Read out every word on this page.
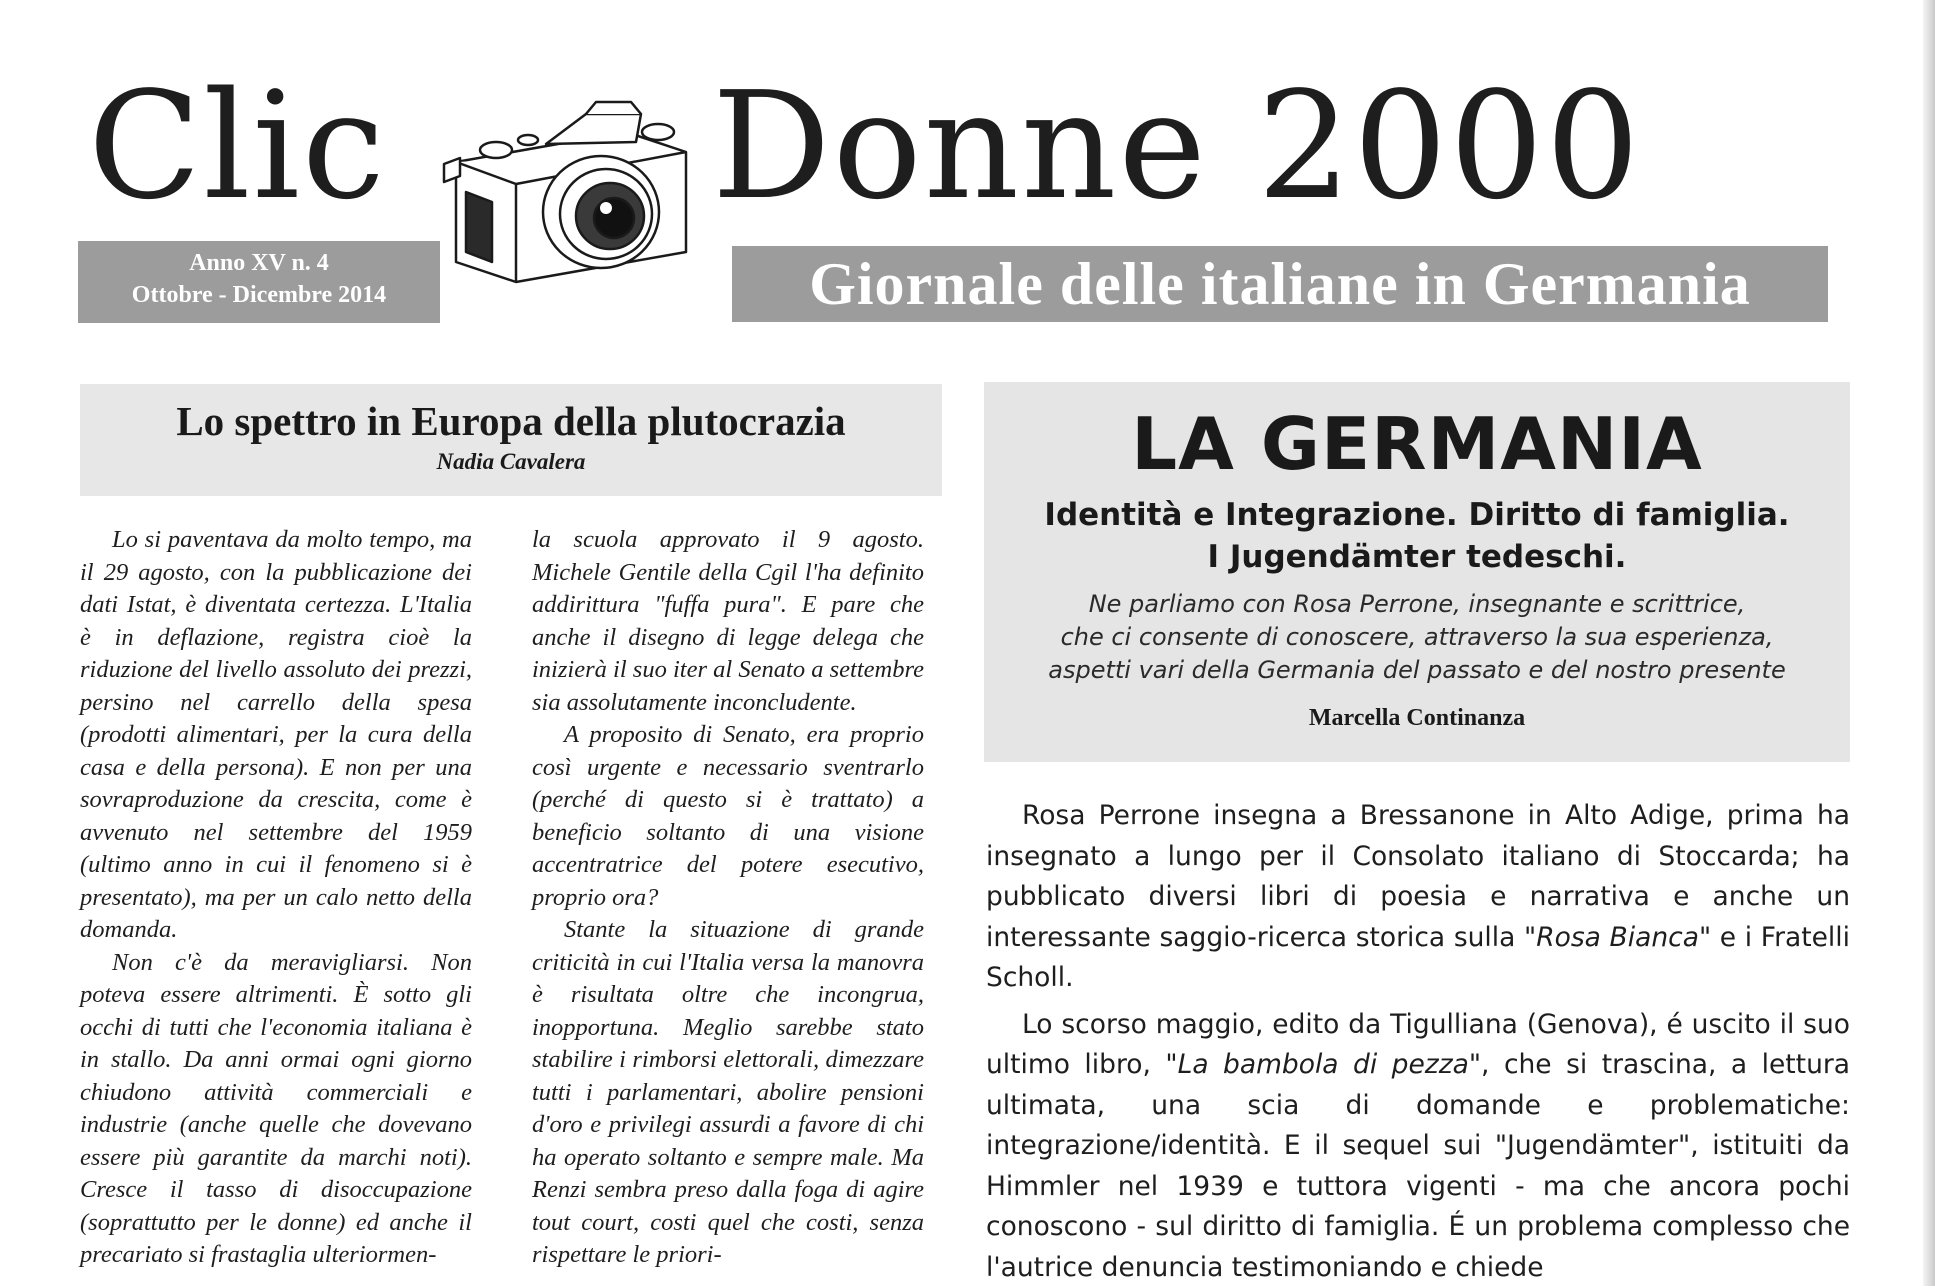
Clic Donne 2000
Anno XV n. 4
Ottobre - Dicembre 2014	Giornale delle italiane in Germania
Lo spettro in Europa della plutocrazia
Nadia Cavalera

Lo si paventava da molto tempo, ma il 29 agosto, con la pubblicazione dei dati Istat, è diventata certezza. L'Italia è in deflazione, registra cioè la riduzione del livello assoluto dei prezzi, persino nel carrello della spesa (prodotti alimentari, per la cura della casa e della persona). E non per una sovraproduzione da crescita, come è avvenuto nel settembre del 1959 (ultimo anno in cui il fenomeno si è presentato), ma per un calo netto della domanda.

Non c'è da meravigliarsi. Non poteva essere altrimenti. È sotto gli occhi di tutti che l'economia italiana è in stallo. Da anni ormai ogni giorno chiudono attività commerciali e industrie (anche quelle che dovevano essere più garantite da marchi noti). Cresce il tasso di disoccupazione (soprattutto per le donne) ed anche il precariato si frastaglia ulteriormen-

la scuola approvato il 9 agosto. Michele Gentile della Cgil l'ha definito addirittura "fuffa pura". E pare che anche il disegno di legge delega che inizierà il suo iter al Senato a settembre sia assolutamente inconcludente.

A proposito di Senato, era proprio così urgente e necessario sventrarlo (perché di questo si è trattato) a beneficio soltanto di una visione accentratrice del potere esecutivo, proprio ora?

Stante la situazione di grande criticità in cui l'Italia versa la manovra è risultata oltre che incongrua, inopportuna. Meglio sarebbe stato stabilire i rimborsi elettorali, dimezzare tutti i parlamentari, abolire pensioni d'oro e privilegi assurdi a favore di chi ha operato soltanto e sempre male. Ma Renzi sembra preso dalla foga di agire tout court, costi quel che costi, senza rispettare le priori-

LA GERMANIA
Identità e Integrazione. Diritto di famiglia.
I Jugendämter tedeschi.
Ne parliamo con Rosa Perrone, insegnante e scrittrice,
che ci consente di conoscere, attraverso la sua esperienza,
aspetti vari della Germania del passato e del nostro presente
Marcella Continanza

Rosa Perrone insegna a Bressanone in Alto Adige, prima ha insegnato a lungo per il Consolato italiano di Stoccarda; ha pubblicato diversi libri di poesia e narrativa e anche un interessante saggio-ricerca storica sulla "Rosa Bianca" e i Fratelli Scholl.

Lo scorso maggio, edito da Tigulliana (Genova), é uscito il suo ultimo libro, "La bambola di pezza", che si trascina, a lettura ultimata, una scia di domande e problematiche: integrazione/identità. E il sequel sui "Jugendämter", istituiti da Himmler nel 1939 e tuttora vigenti - ma che ancora pochi conoscono - sul diritto di famiglia. É un problema complesso che l'autrice denuncia testimoniando e chiede
